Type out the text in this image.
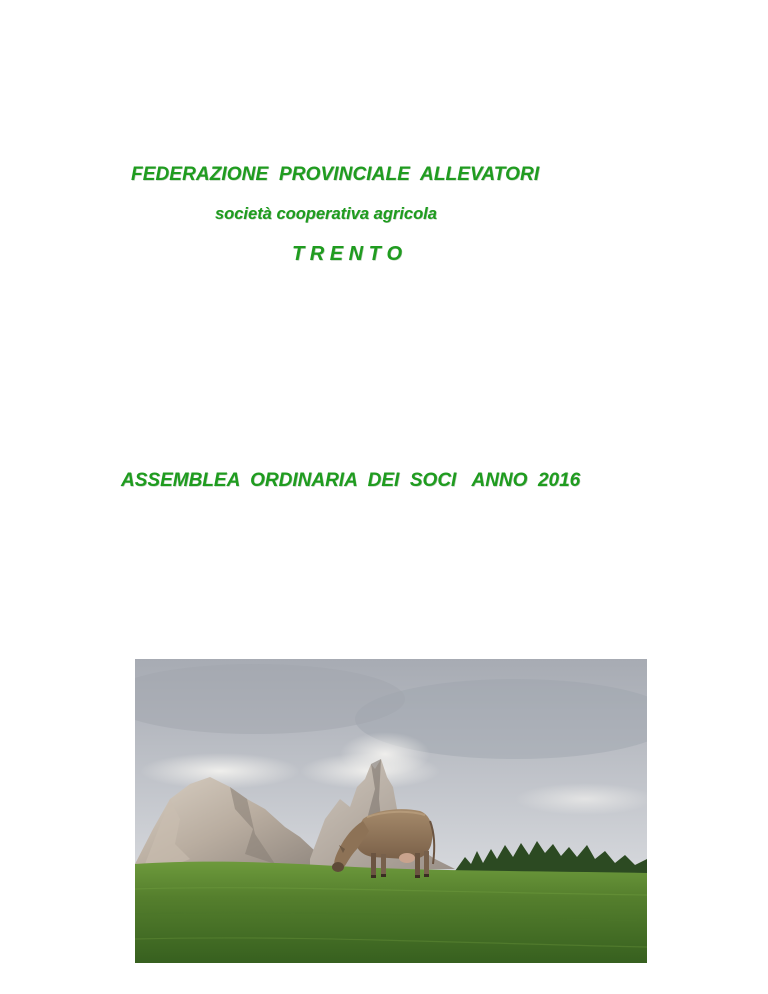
FEDERAZIONE  PROVINCIALE  ALLEVATORI
società cooperativa agricola
T R E N T O
ASSEMBLEA  ORDINARIA  DEI  SOCI   ANNO  2016
